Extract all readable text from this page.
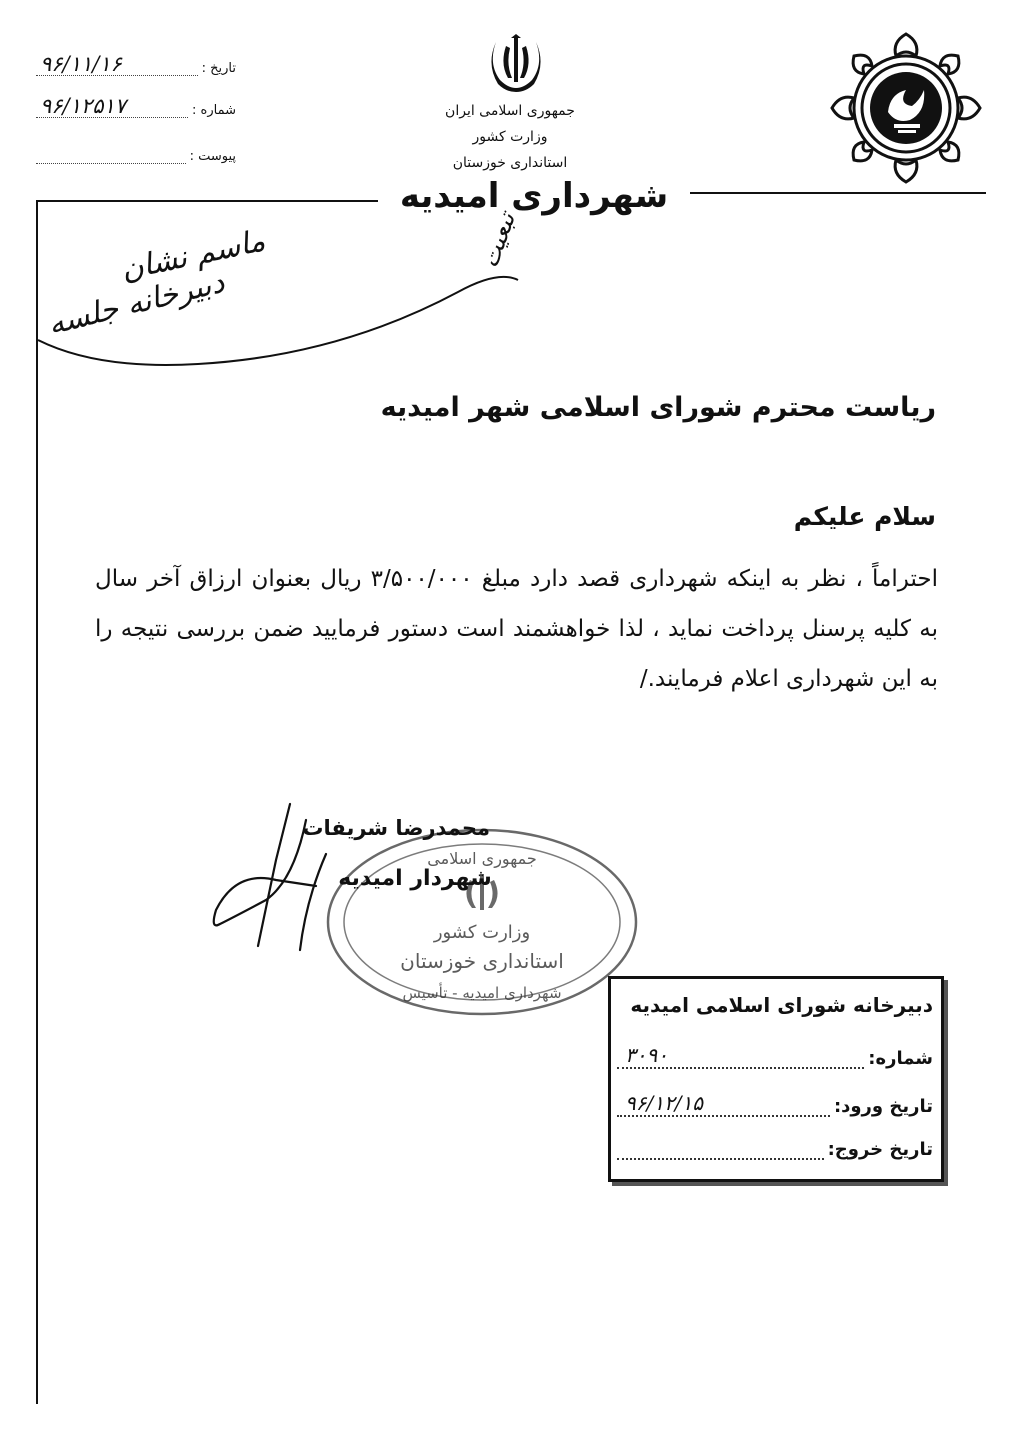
تاریخ :
۹۶/۱۱/۱۶
شماره :
۹۶/۱۲۵۱۷
پیوست :
جمهوری اسلامی ایران
وزارت کشور
استانداری خوزستان
شهرداری امیدیه
تبعیت
ماسم نشان
دبیرخانه جلسه
ریاست محترم شورای اسلامی شهر امیدیه
سلام علیکم
احتراماً ، نظر به اینکه شهرداری قصد دارد مبلغ ۳/۵۰۰/۰۰۰ ریال بعنوان ارزاق آخر سال به کلیه پرسنل پرداخت نماید ، لذا خواهشمند است دستور فرمایید ضمن بررسی نتیجه را به این شهرداری اعلام فرمایند./
جمهوری اسلامی
وزارت کشور
استانداری خوزستان
شهرداری امیدیه - تأسیس
محمدرضا شریفات
شهردار امیدیه
دبیرخانه شورای اسلامی امیدیه
شماره:
۳۰۹۰
تاریخ ورود:
۹۶/۱۲/۱۵
تاریخ خروج:
